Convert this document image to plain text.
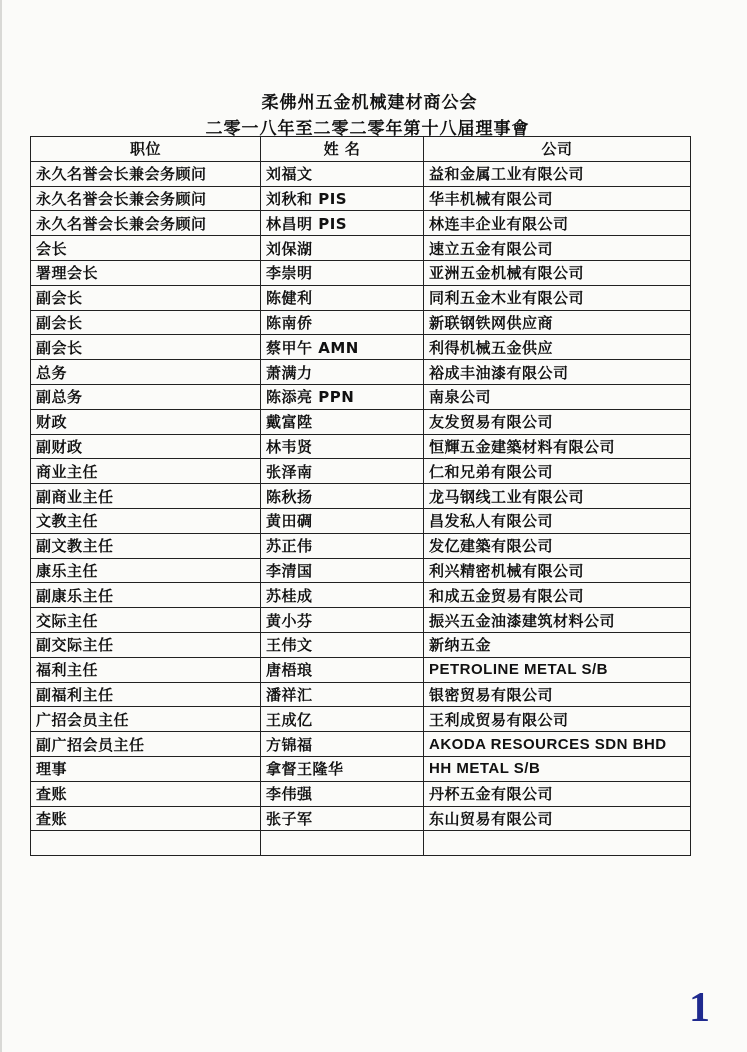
柔佛州五金机械建材商公会
二零一八年至二零二零年第十八届理事會
职位	姓 名	公司
永久名誉会长兼会务顾问	刘福文	益和金属工业有限公司
永久名誉会长兼会务顾问	刘秋和 PIS	华丰机械有限公司
永久名誉会长兼会务顾问	林昌明 PIS	林连丰企业有限公司
会长	刘保湖	速立五金有限公司
署理会长	李崇明	亚洲五金机械有限公司
副会长	陈健利	同利五金木业有限公司
副会长	陈南侨	新联钢铁网供应商
副会长	蔡甲午 AMN	利得机械五金供应
总务	萧满力	裕成丰油漆有限公司
副总务	陈添亮 PPN	南泉公司
财政	戴富陞	友发贸易有限公司
副财政	林韦贤	恒輝五金建築材料有限公司
商业主任	张泽南	仁和兄弟有限公司
副商业主任	陈秋扬	龙马钢线工业有限公司
文教主任	黄田碉	昌发私人有限公司
副文教主任	苏正伟	发亿建築有限公司
康乐主任	李清国	利兴精密机械有限公司
副康乐主任	苏桂成	和成五金贸易有限公司
交际主任	黄小芬	振兴五金油漆建筑材料公司
副交际主任	王伟文	新纳五金
福利主任	唐梧琅	PETROLINE METAL S/B
副福利主任	潘祥汇	银密贸易有限公司
广招会员主任	王成亿	王利成贸易有限公司
副广招会员主任	方锦福	AKODA RESOURCES SDN BHD
理事	拿督王隆华	HH METAL S/B
查账	李伟强	丹杯五金有限公司
查账	张子军	东山贸易有限公司

1
